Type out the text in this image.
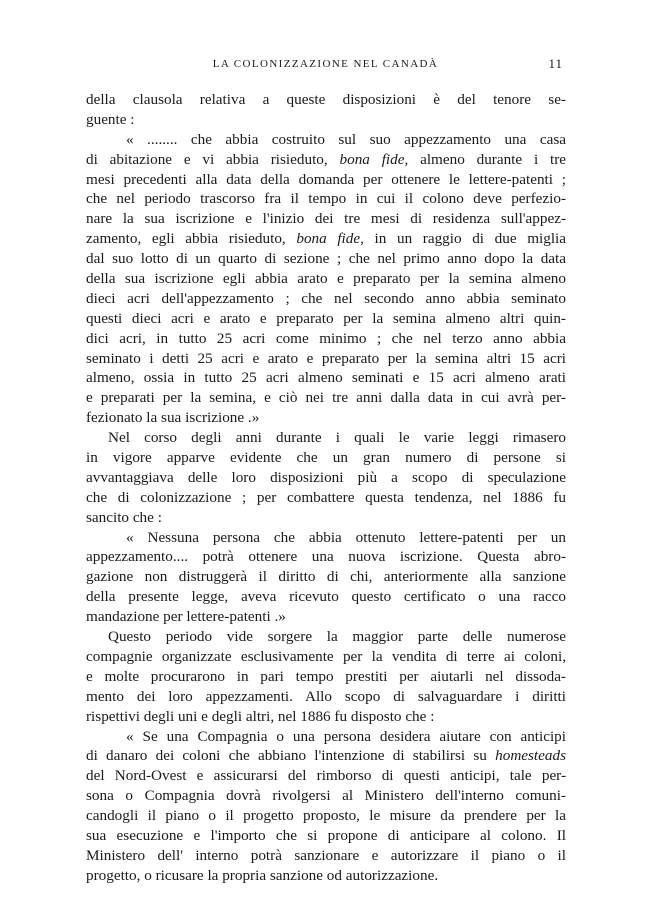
LA COLONIZZAZIONE NEL CANADÀ	11
della clausola relativa a queste disposizioni è del tenore se-
guente :
« ........ che abbia costruito sul suo appezzamento una casa
di abitazione e vi abbia risieduto, bona fide, almeno durante i tre
mesi precedenti alla data della domanda per ottenere le lettere-patenti ;
che nel periodo trascorso fra il tempo in cui il colono deve perfezio-
nare la sua iscrizione e l'inizio dei tre mesi di residenza sull'appez-
zamento, egli abbia risieduto, bona fide, in un raggio di due miglia
dal suo lotto di un quarto di sezione ; che nel primo anno dopo la data
della sua iscrizione egli abbia arato e preparato per la semina almeno
dieci acri dell'appezzamento ; che nel secondo anno abbia seminato
questi dieci acri e arato e preparato per la semina almeno altri quin-
dici acri, in tutto 25 acri come minimo ; che nel terzo anno abbia
seminato i detti 25 acri e arato e preparato per la semina altri 15 acri
almeno, ossia in tutto 25 acri almeno seminati e 15 acri almeno arati
e preparati per la semina, e ciò nei tre anni dalla data in cui avrà per-
fezionato la sua iscrizione .»
Nel corso degli anni durante i quali le varie leggi rimasero
in vigore apparve evidente che un gran numero di persone si
avvantaggiava delle loro disposizioni più a scopo di speculazione
che di colonizzazione ; per combattere questa tendenza, nel 1886 fu
sancito che :
« Nessuna persona che abbia ottenuto lettere-patenti per un
appezzamento.... potrà ottenere una nuova iscrizione. Questa abro-
gazione non distruggerà il diritto di chi, anteriormente alla sanzione
della presente legge, aveva ricevuto questo certificato o una racco
mandazione per lettere-patenti .»
Questo periodo vide sorgere la maggior parte delle numerose
compagnie organizzate esclusivamente per la vendita di terre ai coloni,
e molte procurarono in pari tempo prestiti per aiutarli nel dissoda-
mento dei loro appezzamenti. Allo scopo di salvaguardare i diritti
rispettivi degli uni e degli altri, nel 1886 fu disposto che :
« Se una Compagnia o una persona desidera aiutare con anticipi
di danaro dei coloni che abbiano l'intenzione di stabilirsi su homesteads
del Nord-Ovest e assicurarsi del rimborso di questi anticipi, tale per-
sona o Compagnia dovrà rivolgersi al Ministero dell'interno comuni-
candogli il piano o il progetto proposto, le misure da prendere per la
sua esecuzione e l'importo che si propone di anticipare al colono. Il
Ministero dell' interno potrà sanzionare e autorizzare il piano o il
progetto, o ricusare la propria sanzione od autorizzazione.
